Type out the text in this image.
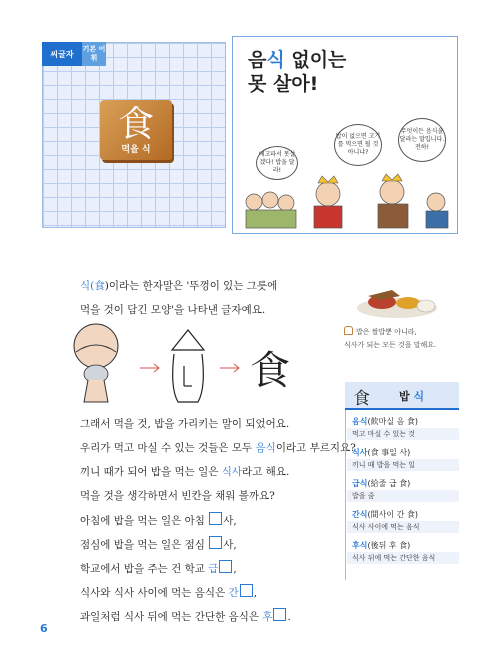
씨글자
기본 어휘
食
먹을 식
음식 없이는
못 살아!
배고파서 못살겠다! 밥을 달라!
밥이 없으면 고기를 먹으면 될 것 아니냐?
무엇이든 음식을 달라는 말입니다. 전하!
식(食)이라는 한자말은 '뚜껑이 있는 그릇에
먹을 것이 담긴 모양'을 나타낸 글자예요.
밥은 쌀밥뿐 아니라,
식사가 되는 모든 것을 말해요.
食
그래서 먹을 것, 밥을 가리키는 말이 되었어요.
우리가 먹고 마실 수 있는 것들은 모두 음식이라고 부르지요?
끼니 때가 되어 밥을 먹는 일은 식사라고 해요.
먹을 것을 생각하면서 빈칸을 채워 볼까요?
아침에 밥을 먹는 일은 아침 사,
점심에 밥을 먹는 일은 점심 사,
학교에서 밥을 주는 건 학교 급 ,
식사와 식사 사이에 먹는 음식은 간 ,
과일처럼 식사 뒤에 먹는 간단한 음식은 후 .
食	밥 식
음식(飮마실 음 食)
먹고 마실 수 있는 것
식사(食 事일 사)
끼니 때 밥을 먹는 일
급식(給줄 급 食)
밥을 줌
간식(間사이 간 食)
식사 사이에 먹는 음식
후식(後뒤 후 食)
식사 뒤에 먹는 간단한 음식
6
